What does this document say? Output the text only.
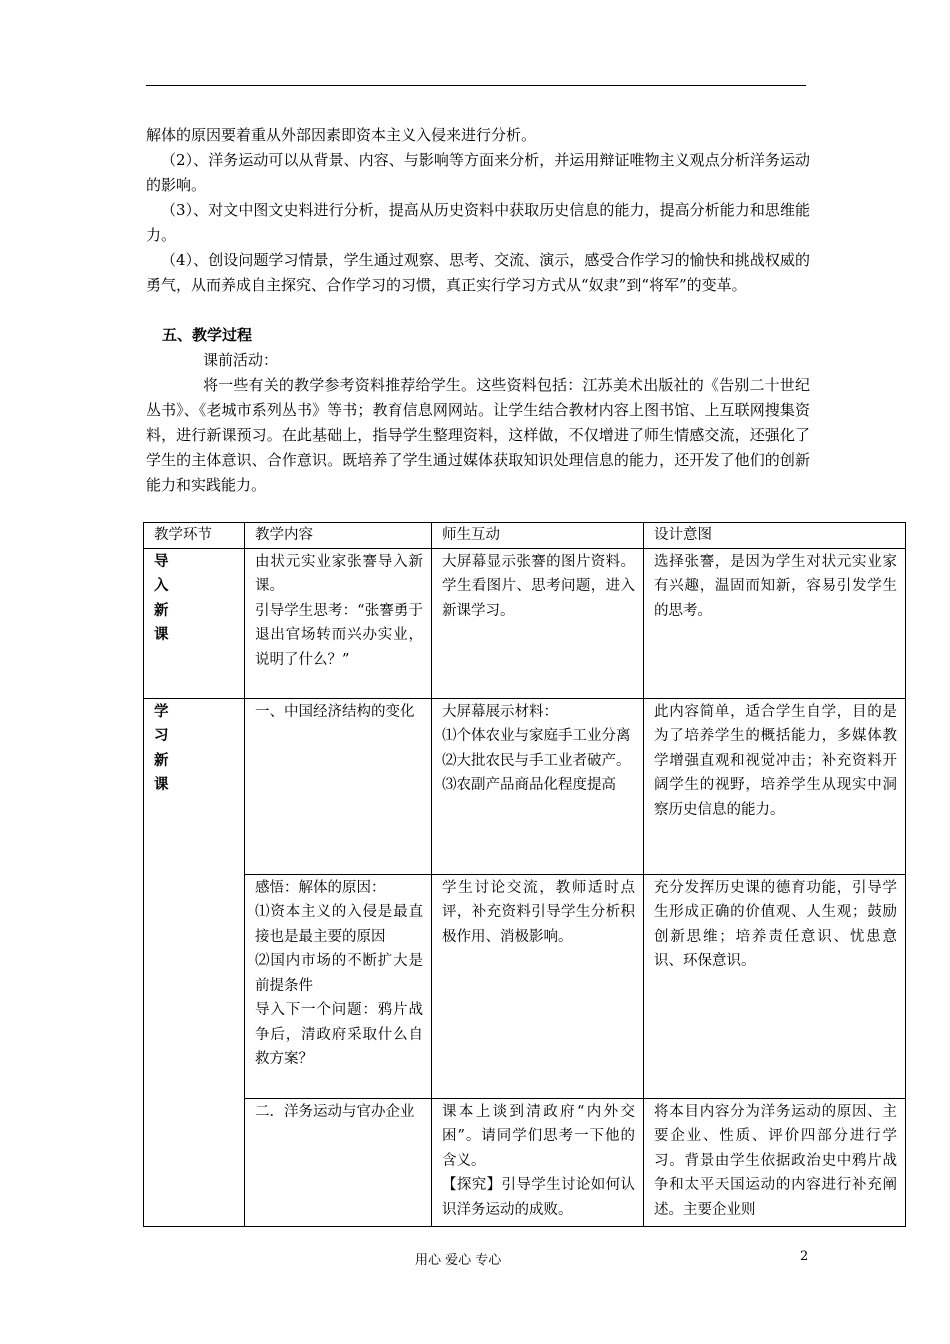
解体的原因要着重从外部因素即资本主义入侵来进行分析。
（2）、洋务运动可以从背景、内容、与影响等方面来分析，并运用辩证唯物主义观点分析洋务运动的影响。
（3）、对文中图文史料进行分析，提高从历史资料中获取历史信息的能力，提高分析能力和思维能力。
（4）、创设问题学习情景，学生通过观察、思考、交流、演示，感受合作学习的愉快和挑战权威的勇气，从而养成自主探究、合作学习的习惯，真正实行学习方式从“奴隶”到“将军”的变革。
五、教学过程
课前活动：
将一些有关的教学参考资料推荐给学生。这些资料包括：江苏美术出版社的《告别二十世纪丛书》、《老城市系列丛书》等书；教育信息网网站。让学生结合教材内容上图书馆、上互联网搜集资料，进行新课预习。在此基础上，指导学生整理资料，这样做，不仅增进了师生情感交流，还强化了学生的主体意识、合作意识。既培养了学生通过媒体获取知识处理信息的能力，还开发了他们的创新能力和实践能力。
教学环节	教学内容	师生互动	设计意图

导入新课	由状元实业家张謇导入新课。
引导学生思考：“张謇勇于退出官场转而兴办实业，说明了什么？”	大屏幕显示张謇的图片资料。学生看图片、思考问题，进入新课学习。	选择张謇，是因为学生对状元实业家有兴趣，温固而知新，容易引发学生的思考。

学习新课	一、中国经济结构的变化	大屏幕展示材料：
⑴个体农业与家庭手工业分离
⑵大批农民与手工业者破产。
⑶农副产品商品化程度提高	此内容简单，适合学生自学，目的是为了培养学生的概括能力，多媒体教学增强直观和视觉冲击；补充资料开阔学生的视野，培养学生从现实中洞察历史信息的能力。

	感悟：解体的原因：
⑴资本主义的入侵是最直接也是最主要的原因
⑵国内市场的不断扩大是前提条件
导入下一个问题：鸦片战争后，清政府采取什么自救方案？	学生讨论交流，教师适时点评，补充资料引导学生分析积极作用、消极影响。	充分发挥历史课的德育功能，引导学生形成正确的价值观、人生观；鼓励创新思维；培养责任意识、忧患意识、环保意识。
	二．洋务运动与官办企业	课本上谈到清政府“内外交困”。请同学们思考一下他的含义。
【探究】引导学生讨论如何认识洋务运动的成败。	将本目内容分为洋务运动的原因、主要企业、性质、评价四部分进行学习。背景由学生依据政治史中鸦片战争和太平天国运动的内容进行补充阐述。主要企业则
用心 爱心 专心	2
